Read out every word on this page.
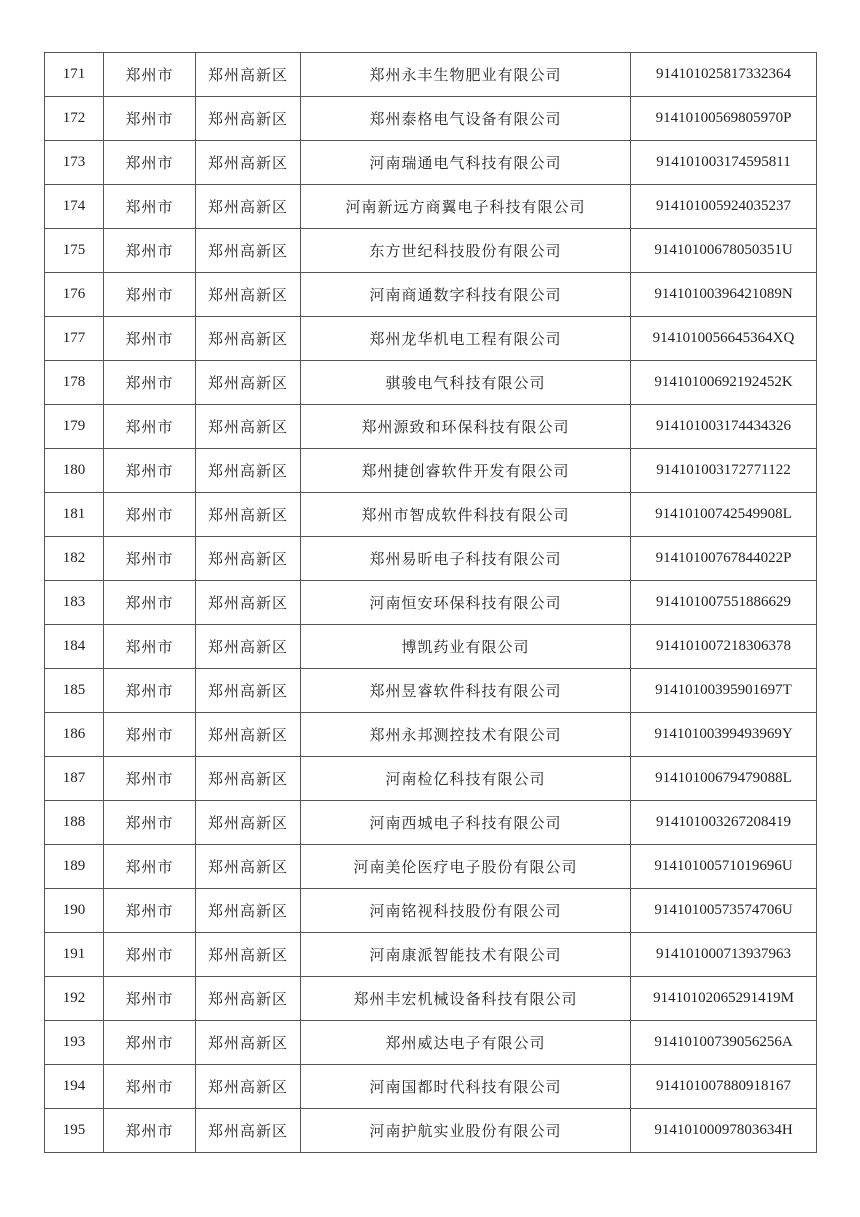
171	郑州市	郑州高新区	郑州永丰生物肥业有限公司	914101025817332364
172	郑州市	郑州高新区	郑州泰格电气设备有限公司	91410100569805970P
173	郑州市	郑州高新区	河南瑞通电气科技有限公司	914101003174595811
174	郑州市	郑州高新区	河南新远方商翼电子科技有限公司	914101005924035237
175	郑州市	郑州高新区	东方世纪科技股份有限公司	91410100678050351U
176	郑州市	郑州高新区	河南商通数字科技有限公司	91410100396421089N
177	郑州市	郑州高新区	郑州龙华机电工程有限公司	9141010056645364XQ
178	郑州市	郑州高新区	骐骏电气科技有限公司	91410100692192452K
179	郑州市	郑州高新区	郑州源致和环保科技有限公司	914101003174434326
180	郑州市	郑州高新区	郑州捷创睿软件开发有限公司	914101003172771122
181	郑州市	郑州高新区	郑州市智成软件科技有限公司	91410100742549908L
182	郑州市	郑州高新区	郑州易昕电子科技有限公司	91410100767844022P
183	郑州市	郑州高新区	河南恒安环保科技有限公司	914101007551886629
184	郑州市	郑州高新区	博凯药业有限公司	914101007218306378
185	郑州市	郑州高新区	郑州昱睿软件科技有限公司	91410100395901697T
186	郑州市	郑州高新区	郑州永邦测控技术有限公司	91410100399493969Y
187	郑州市	郑州高新区	河南检亿科技有限公司	91410100679479088L
188	郑州市	郑州高新区	河南西城电子科技有限公司	914101003267208419
189	郑州市	郑州高新区	河南美伦医疗电子股份有限公司	91410100571019696U
190	郑州市	郑州高新区	河南铭视科技股份有限公司	91410100573574706U
191	郑州市	郑州高新区	河南康派智能技术有限公司	914101000713937963
192	郑州市	郑州高新区	郑州丰宏机械设备科技有限公司	91410102065291419M
193	郑州市	郑州高新区	郑州威达电子有限公司	91410100739056256A
194	郑州市	郑州高新区	河南国都时代科技有限公司	914101007880918167
195	郑州市	郑州高新区	河南护航实业股份有限公司	91410100097803634H
